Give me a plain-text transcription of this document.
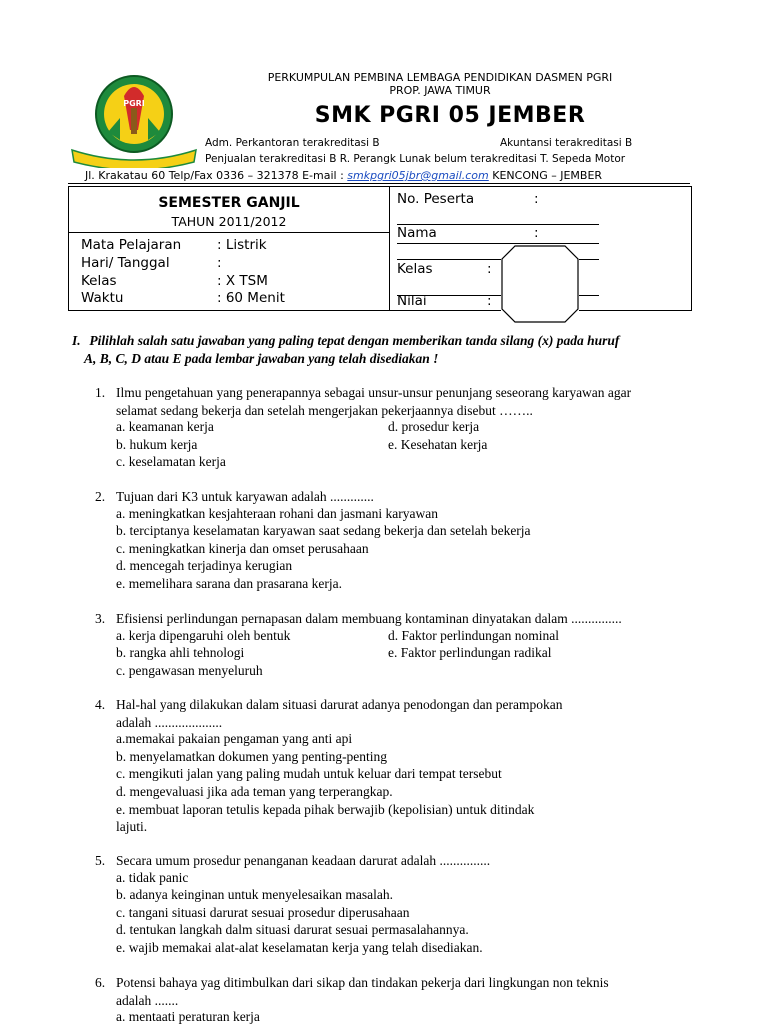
PGRI
PERKUMPULAN PEMBINA LEMBAGA PENDIDIKAN DASMEN PGRI
PROP. JAWA TIMUR
SMK PGRI 05 JEMBER
Adm. Perkantoran terakreditasi B	Akuntansi terakreditasi B
Penjualan terakreditasi B R. Perangk Lunak belum terakreditasi T. Sepeda Motor
Jl. Krakatau 60 Telp/Fax 0336 – 321378 E-mail : smkpgri05jbr@gmail.com KENCONG – JEMBER
SEMESTER GANJIL
TAHUN 2011/2012
Mata Pelajaran	: Listrik
Hari/ Tanggal	:
Kelas	: X TSM
Waktu	: 60 Menit
No. Peserta	:
Nama	:
Kelas	:
Nilai	:
I. Pilihlah salah satu jawaban yang paling tepat dengan memberikan tanda silang (x) pada huruf
A, B, C, D atau E pada lembar jawaban yang telah disediakan !
1. Ilmu pengetahuan yang penerapannya sebagai unsur-unsur penunjang seseorang karyawan agar
selamat sedang bekerja dan setelah mengerjakan pekerjaannya disebut ……..
a. keamanan kerja
b. hukum kerja
c. keselamatan kerja
d. prosedur kerja
e. Kesehatan kerja
2. Tujuan dari K3 untuk karyawan adalah .............
a. meningkatkan kesjahteraan rohani dan jasmani karyawan
b. terciptanya keselamatan karyawan saat sedang bekerja dan setelah bekerja
c. meningkatkan kinerja dan omset perusahaan
d. mencegah terjadinya kerugian
e. memelihara sarana dan prasarana kerja.
3. Efisiensi perlindungan pernapasan dalam membuang kontaminan dinyatakan dalam ...............
a. kerja dipengaruhi oleh bentuk
b. rangka ahli tehnologi
c. pengawasan menyeluruh
d. Faktor perlindungan nominal
e. Faktor perlindungan radikal
4. Hal-hal yang dilakukan dalam situasi darurat adanya penodongan dan perampokan
adalah ....................
a.memakai pakaian pengaman yang anti api
b. menyelamatkan dokumen yang penting-penting
c. mengikuti jalan yang paling mudah untuk keluar dari tempat tersebut
d. mengevaluasi jika ada teman yang terperangkap.
e. membuat laporan tetulis kepada pihak berwajib (kepolisian) untuk ditindak
lajuti.
5. Secara umum prosedur penanganan keadaan darurat adalah ...............
a. tidak panic
b. adanya keinginan untuk menyelesaikan masalah.
c. tangani situasi darurat sesuai prosedur diperusahaan
d. tentukan langkah dalm situasi darurat sesuai permasalahannya.
e. wajib memakai alat-alat keselamatan kerja yang telah disediakan.
6. Potensi bahaya yag ditimbulkan dari sikap dan tindakan pekerja dari lingkungan non teknis
adalah .......
a. mentaati peraturan kerja
